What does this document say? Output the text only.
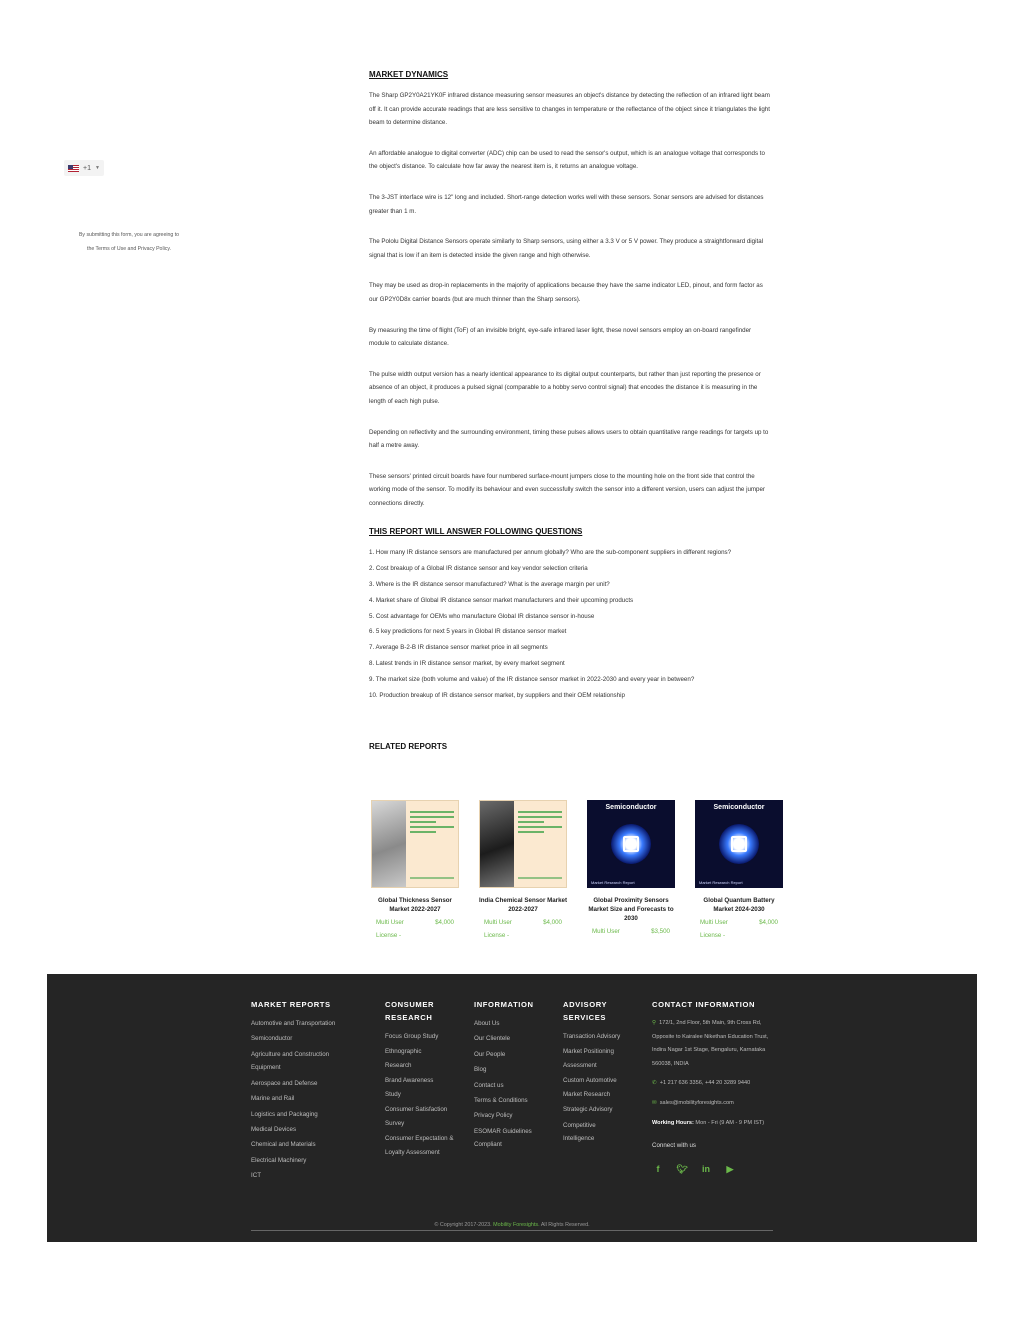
+1 ▼
By submitting this form, you are agreeing to
the Terms of Use and Privacy Policy.
MARKET DYNAMICS

The Sharp GP2Y0A21YK0F infrared distance measuring sensor measures an object's distance by detecting the reflection of an infrared light beam off it. It can provide accurate readings that are less sensitive to changes in temperature or the reflectance of the object since it triangulates the light beam to determine distance.

An affordable analogue to digital converter (ADC) chip can be used to read the sensor's output, which is an analogue voltage that corresponds to the object's distance. To calculate how far away the nearest item is, it returns an analogue voltage.

The 3-JST interface wire is 12" long and included. Short-range detection works well with these sensors. Sonar sensors are advised for distances greater than 1 m.

The Pololu Digital Distance Sensors operate similarly to Sharp sensors, using either a 3.3 V or 5 V power. They produce a straightforward digital signal that is low if an item is detected inside the given range and high otherwise.

They may be used as drop-in replacements in the majority of applications because they have the same indicator LED, pinout, and form factor as our GP2Y0D8x carrier boards (but are much thinner than the Sharp sensors).

By measuring the time of flight (ToF) of an invisible bright, eye-safe infrared laser light, these novel sensors employ an on-board rangefinder module to calculate distance.

The pulse width output version has a nearly identical appearance to its digital output counterparts, but rather than just reporting the presence or absence of an object, it produces a pulsed signal (comparable to a hobby servo control signal) that encodes the distance it is measuring in the length of each high pulse.

Depending on reflectivity and the surrounding environment, timing these pulses allows users to obtain quantitative range readings for targets up to half a metre away.

These sensors' printed circuit boards have four numbered surface-mount jumpers close to the mounting hole on the front side that control the working mode of the sensor. To modify its behaviour and even successfully switch the sensor into a different version, users can adjust the jumper connections directly.

THIS REPORT WILL ANSWER FOLLOWING QUESTIONS
1. How many IR distance sensors are manufactured per annum globally? Who are the sub-component suppliers in different regions?
2. Cost breakup of a Global IR distance sensor and key vendor selection criteria
3. Where is the IR distance sensor manufactured? What is the average margin per unit?
4. Market share of Global IR distance sensor market manufacturers and their upcoming products
5. Cost advantage for OEMs who manufacture Global IR distance sensor in-house
6. 5 key predictions for next 5 years in Global IR distance sensor market
7. Average B-2-B IR distance sensor market price in all segments
8. Latest trends in IR distance sensor market, by every market segment
9. The market size (both volume and value) of the IR distance sensor market in 2022-2030 and every year in between?
10. Production breakup of IR distance sensor market, by suppliers and their OEM relationship
RELATED REPORTS
Global Thickness Sensor Market 2022-2027
Multi User License -
$4,000
India Chemical Sensor Market 2022-2027
Multi User License -
$4,000
Semiconductor
Market Research Report
Global Proximity Sensors Market Size and Forecasts to 2030
Multi User	$3,500
Semiconductor
Market Research Report
Global Quantum Battery Market 2024-2030
Multi User License -
$4,000
MARKET REPORTS
Automotive and Transportation
Semiconductor
Agriculture and Construction Equipment
Aerospace and Defense
Marine and Rail
Logistics and Packaging
Medical Devices
Chemical and Materials
Electrical Machinery
ICT
CONSUMER RESEARCH
Focus Group Study
Ethnographic Research
Brand Awareness Study
Consumer Satisfaction Survey
Consumer Expectation & Loyalty Assessment
INFORMATION
About Us
Our Clientele
Our People
Blog
Contact us
Terms & Conditions
Privacy Policy
ESOMAR Guidelines Compliant
ADVISORY SERVICES
Transaction Advisory
Market Positioning Assessment
Custom Automotive Market Research
Strategic Advisory
Competitive Intelligence
CONTACT INFORMATION
⚲ 172/1, 2nd Floor, 5th Main, 9th Cross Rd, Opposite to Kairalee Nikethan Education Trust, Indira Nagar 1st Stage, Bengaluru, Karnataka 560038, INDIA
✆ +1 217 636 3356, +44 20 3289 9440
✉ sales@mobilityforesights.com
Working Hours: Mon - Fri (9 AM - 9 PM IST)
Connect with us
f	🐦︎ in ▶
© Copyright 2017-2023. Mobility Foresights. All Rights Reserved.
